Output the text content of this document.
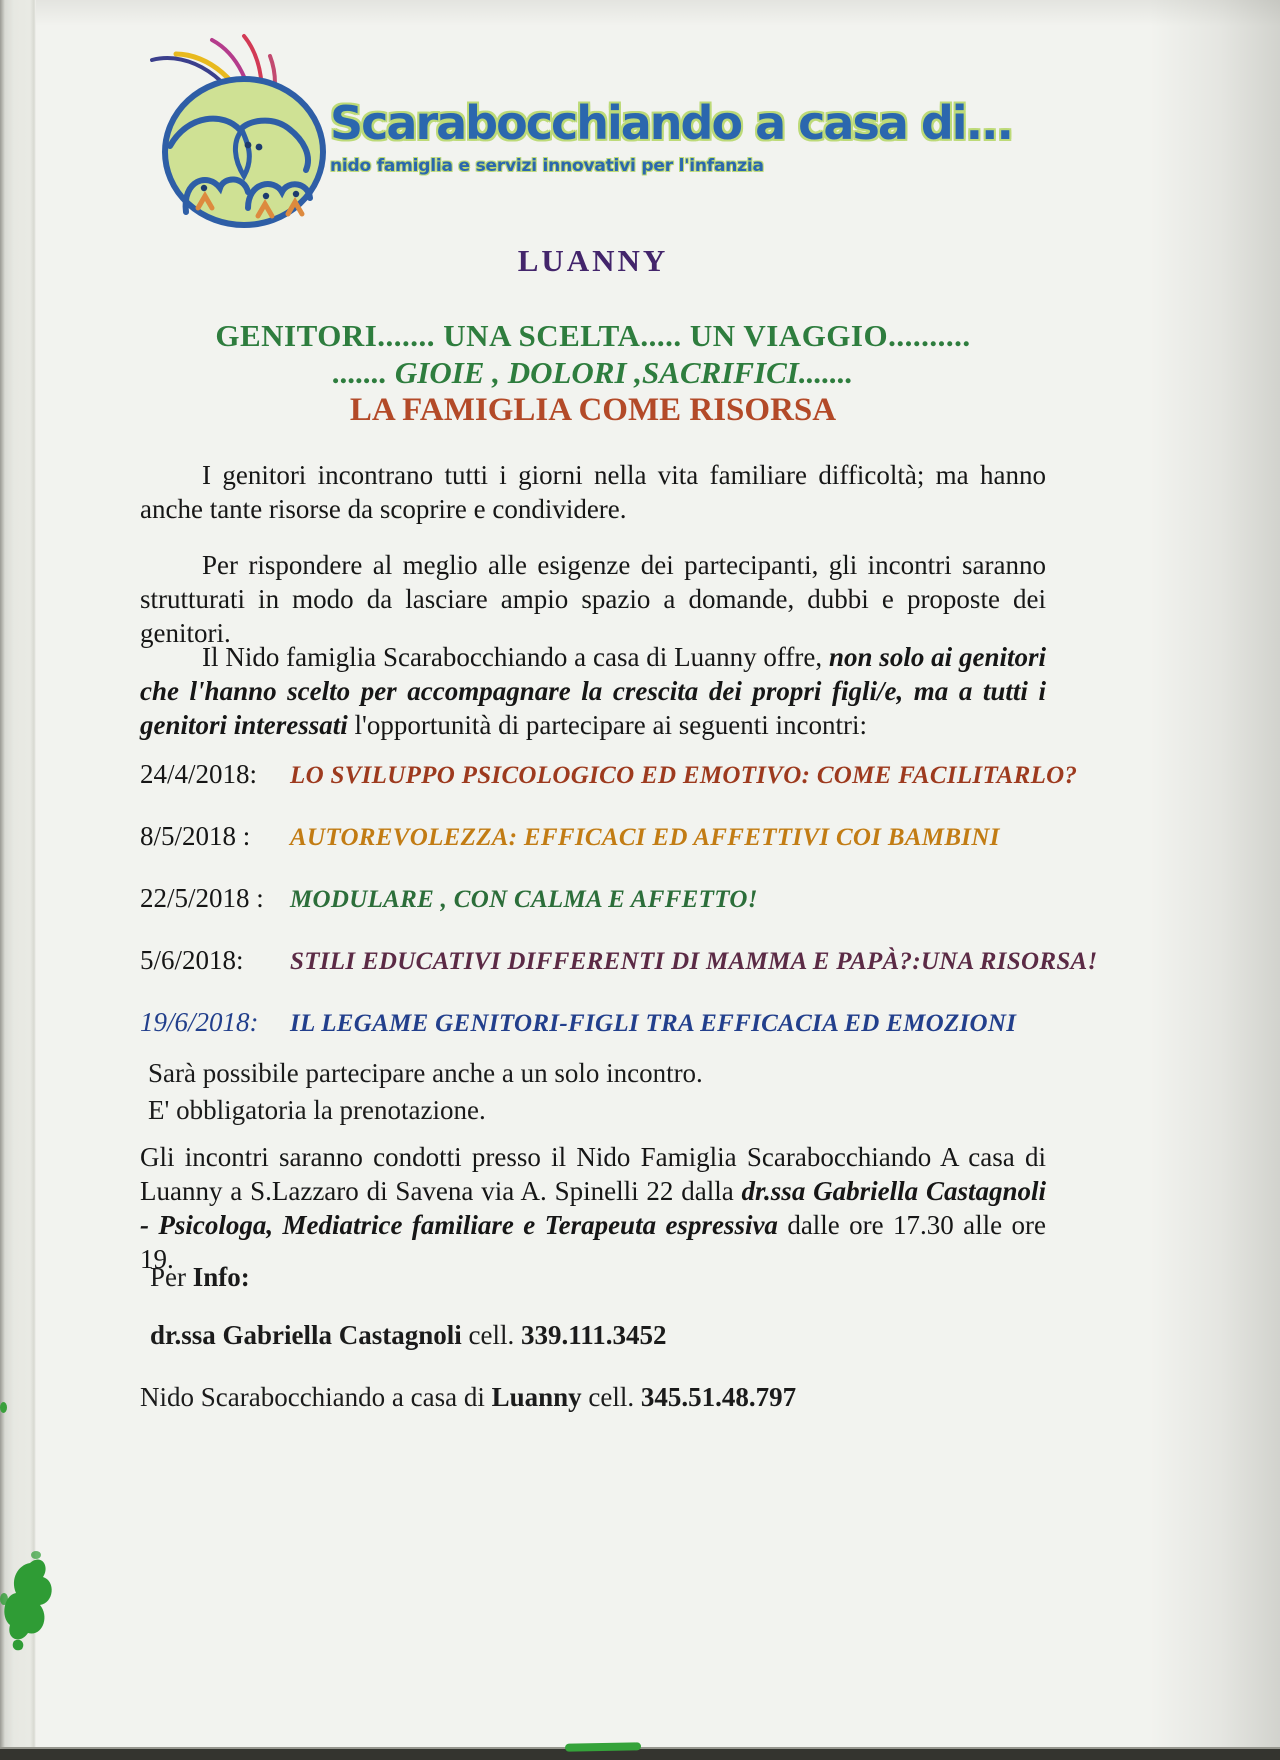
Scarabocchiando a casa di...
nido famiglia e servizi innovativi per l'infanzia
LUANNY
GENITORI....... UNA SCELTA..... UN VIAGGIO..........
....... GIOIE , DOLORI ,SACRIFICI.......
LA FAMIGLIA COME RISORSA
I genitori incontrano tutti i giorni nella vita familiare difficoltà; ma hanno anche tante risorse da scoprire e condividere.
Per rispondere al meglio alle esigenze dei partecipanti, gli incontri saranno strutturati in modo da lasciare ampio spazio a domande, dubbi e proposte dei genitori.
Il Nido famiglia Scarabocchiando a casa di Luanny offre, non solo ai genitori che l'hanno scelto per accompagnare la crescita dei propri figli/e, ma a tutti i genitori interessati l'opportunità di partecipare ai seguenti incontri:
24/4/2018:	LO SVILUPPO PSICOLOGICO ED EMOTIVO: COME FACILITARLO?
8/5/2018 :	AUTOREVOLEZZA: EFFICACI ED AFFETTIVI COI BAMBINI
22/5/2018 :	MODULARE , CON CALMA E AFFETTO!
5/6/2018:	STILI EDUCATIVI DIFFERENTI DI MAMMA E PAPÀ?:UNA RISORSA!
19/6/2018:	IL LEGAME GENITORI-FIGLI TRA EFFICACIA ED EMOZIONI
Sarà possibile partecipare anche a un solo incontro.
E' obbligatoria la prenotazione.
Gli incontri saranno condotti presso il Nido Famiglia Scarabocchiando A casa di Luanny a S.Lazzaro di Savena via A. Spinelli 22 dalla dr.ssa Gabriella Castagnoli - Psicologa, Mediatrice familiare e Terapeuta espressiva dalle ore 17.30 alle ore 19.
Per Info:
dr.ssa Gabriella Castagnoli cell. 339.111.3452
Nido Scarabocchiando a casa di Luanny cell. 345.51.48.797
